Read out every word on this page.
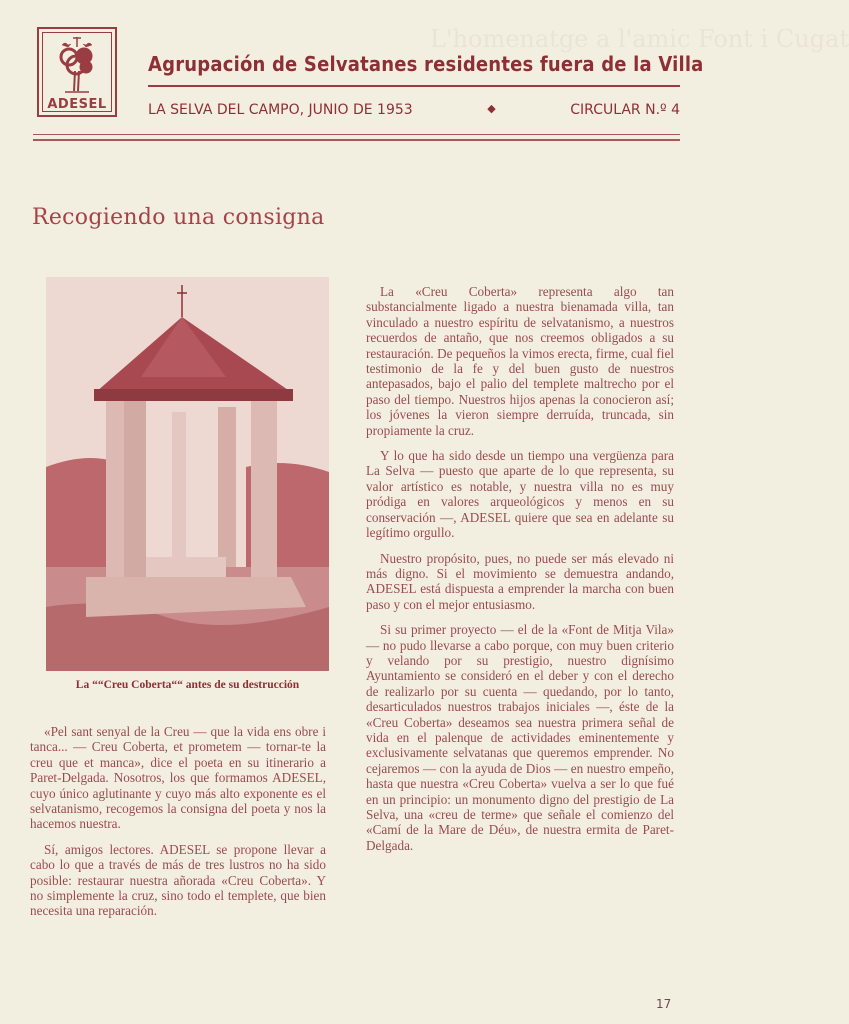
L'homenatge a l'amic Font i Cugat
ADESEL
Agrupación de Selvatanes residentes fuera de la Villa
LA SELVA DEL CAMPO, JUNIO DE 1953	◆	CIRCULAR N.º 4
Recogiendo una consigna
La ““Creu Coberta““ antes de su destrucción

«Pel sant senyal de la Creu — que la vida ens obre i tanca... — Creu Coberta, et prometem — tornar-te la creu que et manca», dice el poeta en su itinerario a Paret-Delgada. Nosotros, los que formamos ADESEL, cuyo único aglutinante y cuyo más alto exponente es el selvatanismo, recogemos la consigna del poeta y nos la hacemos nuestra.

Sí, amigos lectores. ADESEL se propone llevar a cabo lo que a través de más de tres lustros no ha sido posible: restaurar nuestra añorada «Creu Coberta». Y no simplemente la cruz, sino todo el templete, que bien necesita una reparación.

La «Creu Coberta» representa algo tan substancialmente ligado a nuestra bienamada villa, tan vinculado a nuestro espíritu de selvatanismo, a nuestros recuerdos de antaño, que nos creemos obligados a su restauración. De pequeños la vimos erecta, firme, cual fiel testimonio de la fe y del buen gusto de nuestros antepasados, bajo el palio del templete maltrecho por el paso del tiempo. Nuestros hijos apenas la conocieron así; los jóvenes la vieron siempre derruída, truncada, sin propiamente la cruz.

Y lo que ha sido desde un tiempo una vergüenza para La Selva — puesto que aparte de lo que representa, su valor artístico es notable, y nuestra villa no es muy pródiga en valores arqueológicos y menos en su conservación —, ADESEL quiere que sea en adelante su legítimo orgullo.

Nuestro propósito, pues, no puede ser más elevado ni más digno. Si el movimiento se demuestra andando, ADESEL está dispuesta a emprender la marcha con buen paso y con el mejor entusiasmo.

Si su primer proyecto — el de la «Font de Mitja Vila» — no pudo llevarse a cabo porque, con muy buen criterio y velando por su prestigio, nuestro dignísimo Ayuntamiento se consideró en el deber y con el derecho de realizarlo por su cuenta — quedando, por lo tanto, desarticulados nuestros trabajos iniciales —, éste de la «Creu Coberta» deseamos sea nuestra primera señal de vida en el palenque de actividades eminentemente y exclusivamente selvatanas que queremos emprender. No cejaremos — con la ayuda de Dios — en nuestro empeño, hasta que nuestra «Creu Coberta» vuelva a ser lo que fué en un principio: un monumento digno del prestigio de La Selva, una «creu de terme» que señale el comienzo del «Camí de la Mare de Déu», de nuestra ermita de Paret-Delgada.

17
